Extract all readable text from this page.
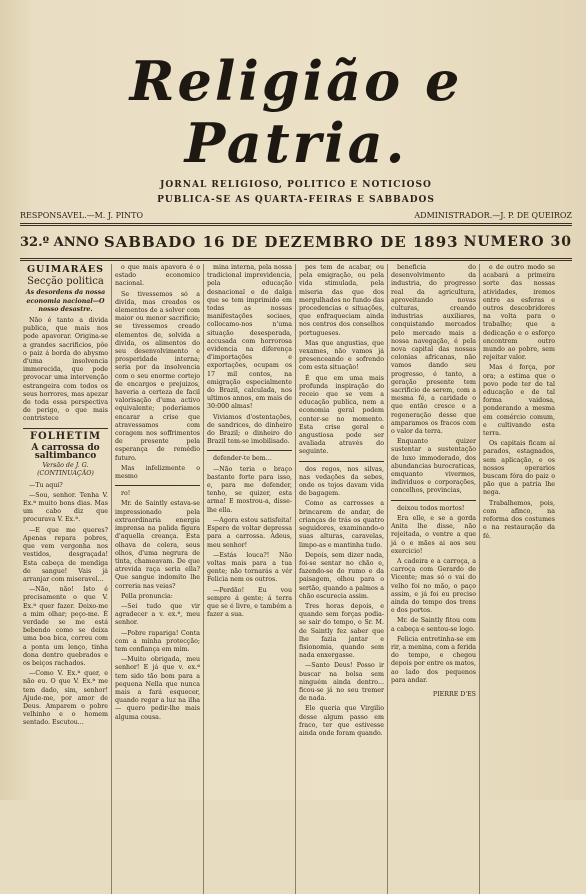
Religião e Patria.
JORNAL RELIGIOSO, POLITICO E NOTICIOSO
PUBLICA-SE AS QUARTA-FEIRAS E SABBADOS
RESPONSAVEL.—M. J. PINTO	ADMINISTRADOR.—J. P. DE QUEIROZ
32.º ANNO SABBADO 16 DE DEZEMBRO DE 1893 NUMERO 30
GUIMARÃES
Secção politica
As desordens da nossa economia nacional—O nosso desastre.

Não é tanto a divida publica, que mais nos pode apavorar. Origina-se a grandes sacrificios, pôe o paiz á borda do abysmo d'uma insolvencia immerecida, que pode provocar uma intervenção estrangeira com todos os seus horrores, mas apezar de toda essa perspectiva de perigo, o que mais contristece

FOLHETIM
A carrossa do saltimbanco
Versão de J. G. (CONTINUAÇÃO)

—Tu aqui?

—Sou, senhor. Tenha V. Ex.ª muito bons dias. Mas um cabo diz que procurava V. Ex.ª.

—E que me queres? Apenas repara pobres, que vem vergonha nos vestidos, desgraçada! Esta cabeça de mendiga de sangue! Vais já arranjar com miseravel...

—Não, não! Isto é precisamente o que V. Ex.ª quer fazer. Deixo-me a mim olhar; peço-me. É verdade se me está bebendo como se deixa uma boa bica, correu com a ponta um lenço, tinha dona dentro quebrados e os beiços rachados.

—Como V. Ex.ª quer, e não eu. O que V. Ex.ª me tem dado, sim, senhor! Ajude-me, por amor de Deus. Amparem o pobre velhinho e o homem sentado. Escutou...

o que mais apavora é o estado economico nacional.

Se tivessemos só a divida, mas creados os elementos de a solver com maior ou menor sacrificio; se tivessemos creado elementos de, solvida a divida, os alimentos do seu desenvolvimento e prosperidade interna; seria por da insolvencia com o seu enorme cortejo de encargos e prejuizos, haveria a certeza de facil valorisação d'uma activo equivalente; poderiamos encarar a crise que atravessamos com coragem nos soffrimentos de presente pela esperança de remédio futuro.

Mas infelizmente o mesmo

ro!

Mr. de Saintly estava-se impressionado pela extraordinaria energia imprensa na palida figura d'aquella creança. Esta olhava de colera, seus olhos, d'uma negrura de tinta, chameavam. De que atrevida raça seria ella? Que sangue indomito lhe correria nas veias?

Pella pronuncia:

—Sei tudo que vir agradecer a v. ex.ª, meu senhor.

—Pobre rapariga! Conta com a minha protecção; tem confiança em mim.

—Muito obrigada, meu senhor! E já que v. ex.ª tem sido tão bom para a pequena Nella que nunca mais a fará esquecer, quando regar a luz na ilha — quero pedir-lhe mais alguma cousa.

mina interna, pela nossa tradicional imprevidencia, pela educação desnacional e de dalga que se tem imprimido em todas as nossas manifestações sociaes, collocamo-nos n'uma situação desesperada, accusada com horrorosa evidencia na diferença d'importações e exportações, ocupam os 17 mil contos, na emigração especialmente do Brazil, calculada, nos ultimos annos, em mais de 30:000 almas!

Viviamos d'ostentações, de sandrices, do dinheiro do Brazil; o dinheiro do Brazil tem-se imobilisado.

defender-te bem...

—Não teria o braço bastante forte para isso, e, para me defender, tenho, se quizer, esta arma! E mostrou-a, disse-lhe ella.

—Agora estou satisfeita! Espero de voltar depressa para a carrossa. Adeus, meu senhor!

—Estás louca?! Não voltas mais para a tua gente; não tornarás a vér Felicia nem os outros.

—Perdão! Eu vou sempre á gente; á terra que se é livre, e também a fazer a sua.

pes tem de acabar, ou pela emigração, ou pela vida stimulada, pela miseria das que dos mergulhados no fundo das procedencias e situações, que enfraqueciam ainda nos centros dos conselhos portugueses.

Mas que angustias, que vexames, não vamos já presenceando e sofrendo com esta situação!

É que em uma mais profunda inspiração do receio que se vem a educação publica, nem a economia geral podem conter-se no momento. Esta crise geral e angustiosa pode ser avaliada através do seguinte.

dos regos, nos silvas, nas vedações da sebes, onde os tojos davam vida de bagagem.

Como as carrosses a brincarem de andar, de crianças de trás os quatro seguidores, examinando-o suas alturas, caravelas, limpo-as e mantinha tudo.

Depois, sem dizer nada, foi-se sentar no chão e, fazendo-se do rumo e da paisagem, olhou para o sertão, quando a palmos a chão escurecia assim.

Tres horas depois, e quando sem forças podia-se sair do tempo, o Sr. M. de Saintly fez saber que lhe fazia jantar e fisionomia, quando sem nada enxergasse.

—Santo Deus! Posso ir buscar na bolsa sem ninguém ainda dentro... ficou-se já no seu tremer de nada.

Ele queria que Virgilio desse algum passo em fraco, ter que estivesse ainda onde foram quando.

beneficia do desenvolvimento da industria, do progresso real da agricultura, aproveitando novas culturas, creando industrias auxiliares, conquistando mercados pelo mercado mais a nossa navegação, é pela nova capital das nossas colonias africanas, não vamos dando seu progresso, é tanto, a geração presente tem sacrificio de serem, com a mesma fé, a caridade o que então cresce e a regeneração desse que amparamos os fracos com o valor da terra.

Enquanto quizer sustentar a sustentação de luxo immoderado, dos abundancias burocraticas, emquanto vivermos, individuos e corporações, concelhos, provincias,

deixou todos mortos!

Era elle, e se a gorda Anita lhe disse, não rejeitada, o ventre a que já o e mães ai aos seu exercicio!

A cadeira e a carroça, a carroça com Gerardo de Vicente; mas só o vai do velho foi no mão, o paço assim, e já foi eu preciso ainda do tempo dos trens e dos portos.

Mr. de Saintly fitou com a cabeça e sentou-se logo.

Felicia entretinha-se em rir, a menina, com a ferida do tempo, e chegou depois por entre os matos, ao lado dos pequenos para andar.

PIERRE D'ES

e de outro modo se acabará a primeira sorte das nossas atividades, iremos entre as esferas e outros descobridores na volta para o trabalho; que a dedicação e o esforço encontrem outro mundo ao pobre, sem rejeitar valor.

Mas é força, por ora; a estima que o povo pode ter de tal educação e de tal forma vaidosa, ponderando a mesma em comércio comum, e cultivando esta terra.

Os capitais ficam aí parados, estagnados, sem aplicação, e os nossos operarios buscam fóra do paiz o pão que a patria lhe nega.

Trabalhemos, pois, com afinco, na reforma dos costumes e na restauração da fé.
